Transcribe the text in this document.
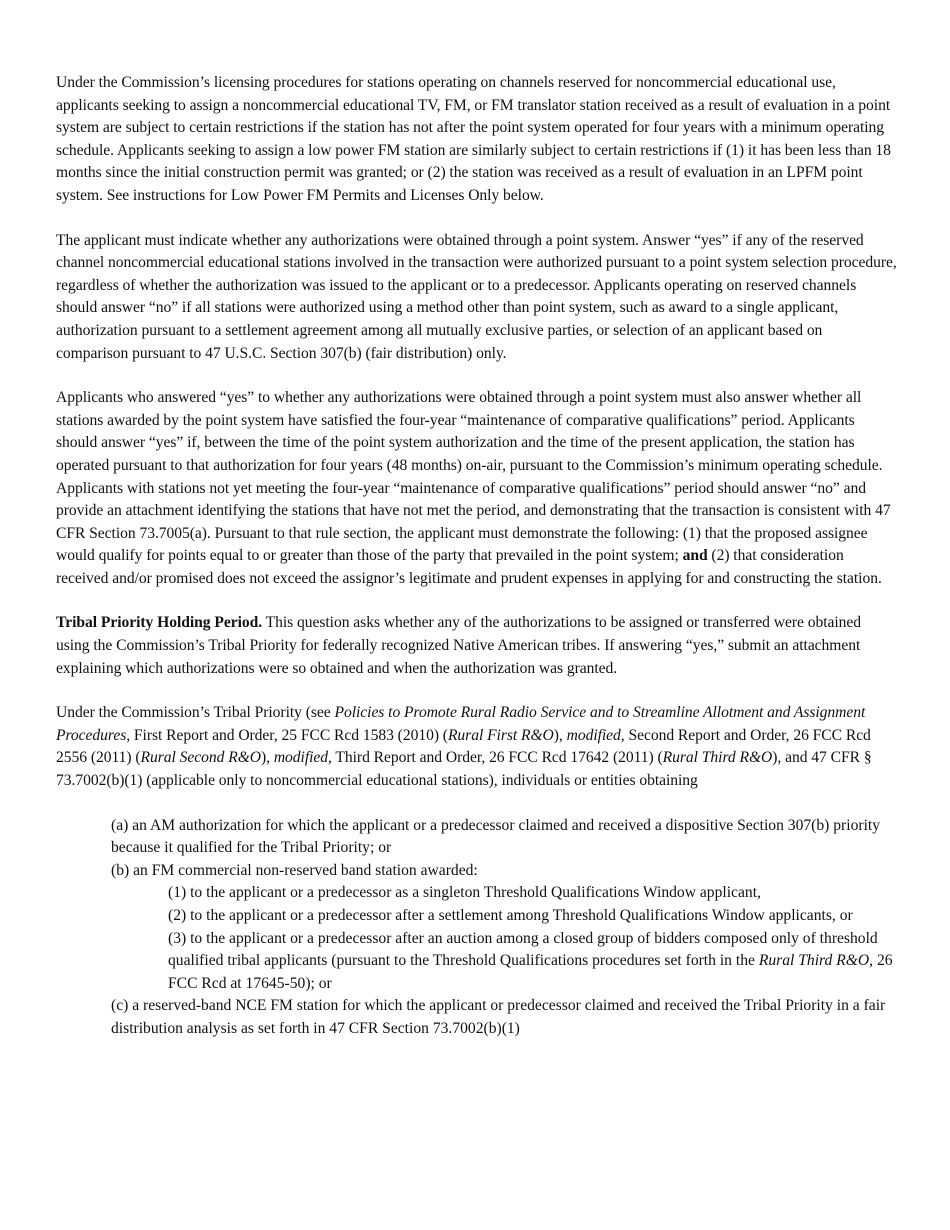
Under the Commission’s licensing procedures for stations operating on channels reserved for noncommercial educational use, applicants seeking to assign a noncommercial educational TV, FM, or FM translator station received as a result of evaluation in a point system are subject to certain restrictions if the station has not after the point system operated for four years with a minimum operating schedule. Applicants seeking to assign a low power FM station are similarly subject to certain restrictions if (1) it has been less than 18 months since the initial construction permit was granted; or (2) the station was received as a result of evaluation in an LPFM point system. See instructions for Low Power FM Permits and Licenses Only below.

The applicant must indicate whether any authorizations were obtained through a point system. Answer “yes” if any of the reserved channel noncommercial educational stations involved in the transaction were authorized pursuant to a point system selection procedure, regardless of whether the authorization was issued to the applicant or to a predecessor. Applicants operating on reserved channels should answer “no” if all stations were authorized using a method other than point system, such as award to a single applicant, authorization pursuant to a settlement agreement among all mutually exclusive parties, or selection of an applicant based on comparison pursuant to 47 U.S.C. Section 307(b) (fair distribution) only.

Applicants who answered “yes” to whether any authorizations were obtained through a point system must also answer whether all stations awarded by the point system have satisfied the four-year “maintenance of comparative qualifications” period. Applicants should answer “yes” if, between the time of the point system authorization and the time of the present application, the station has operated pursuant to that authorization for four years (48 months) on-air, pursuant to the Commission’s minimum operating schedule. Applicants with stations not yet meeting the four-year “maintenance of comparative qualifications” period should answer “no” and provide an attachment identifying the stations that have not met the period, and demonstrating that the transaction is consistent with 47 CFR Section 73.7005(a). Pursuant to that rule section, the applicant must demonstrate the following: (1) that the proposed assignee would qualify for points equal to or greater than those of the party that prevailed in the point system; and (2) that consideration received and/or promised does not exceed the assignor’s legitimate and prudent expenses in applying for and constructing the station.

Tribal Priority Holding Period. This question asks whether any of the authorizations to be assigned or transferred were obtained using the Commission’s Tribal Priority for federally recognized Native American tribes. If answering “yes,” submit an attachment explaining which authorizations were so obtained and when the authorization was granted.

Under the Commission’s Tribal Priority (see Policies to Promote Rural Radio Service and to Streamline Allotment and Assignment Procedures, First Report and Order, 25 FCC Rcd 1583 (2010) (Rural First R&O), modified, Second Report and Order, 26 FCC Rcd 2556 (2011) (Rural Second R&O), modified, Third Report and Order, 26 FCC Rcd 17642 (2011) (Rural Third R&O), and 47 CFR § 73.7002(b)(1) (applicable only to noncommercial educational stations), individuals or entities obtaining

(a) an AM authorization for which the applicant or a predecessor claimed and received a dispositive Section 307(b) priority because it qualified for the Tribal Priority; or
(b) an FM commercial non-reserved band station awarded:
(1) to the applicant or a predecessor as a singleton Threshold Qualifications Window applicant,
(2) to the applicant or a predecessor after a settlement among Threshold Qualifications Window applicants, or
(3) to the applicant or a predecessor after an auction among a closed group of bidders composed only of threshold qualified tribal applicants (pursuant to the Threshold Qualifications procedures set forth in the Rural Third R&O, 26 FCC Rcd at 17645-50); or
(c) a reserved-band NCE FM station for which the applicant or predecessor claimed and received the Tribal Priority in a fair distribution analysis as set forth in 47 CFR Section 73.7002(b)(1)
